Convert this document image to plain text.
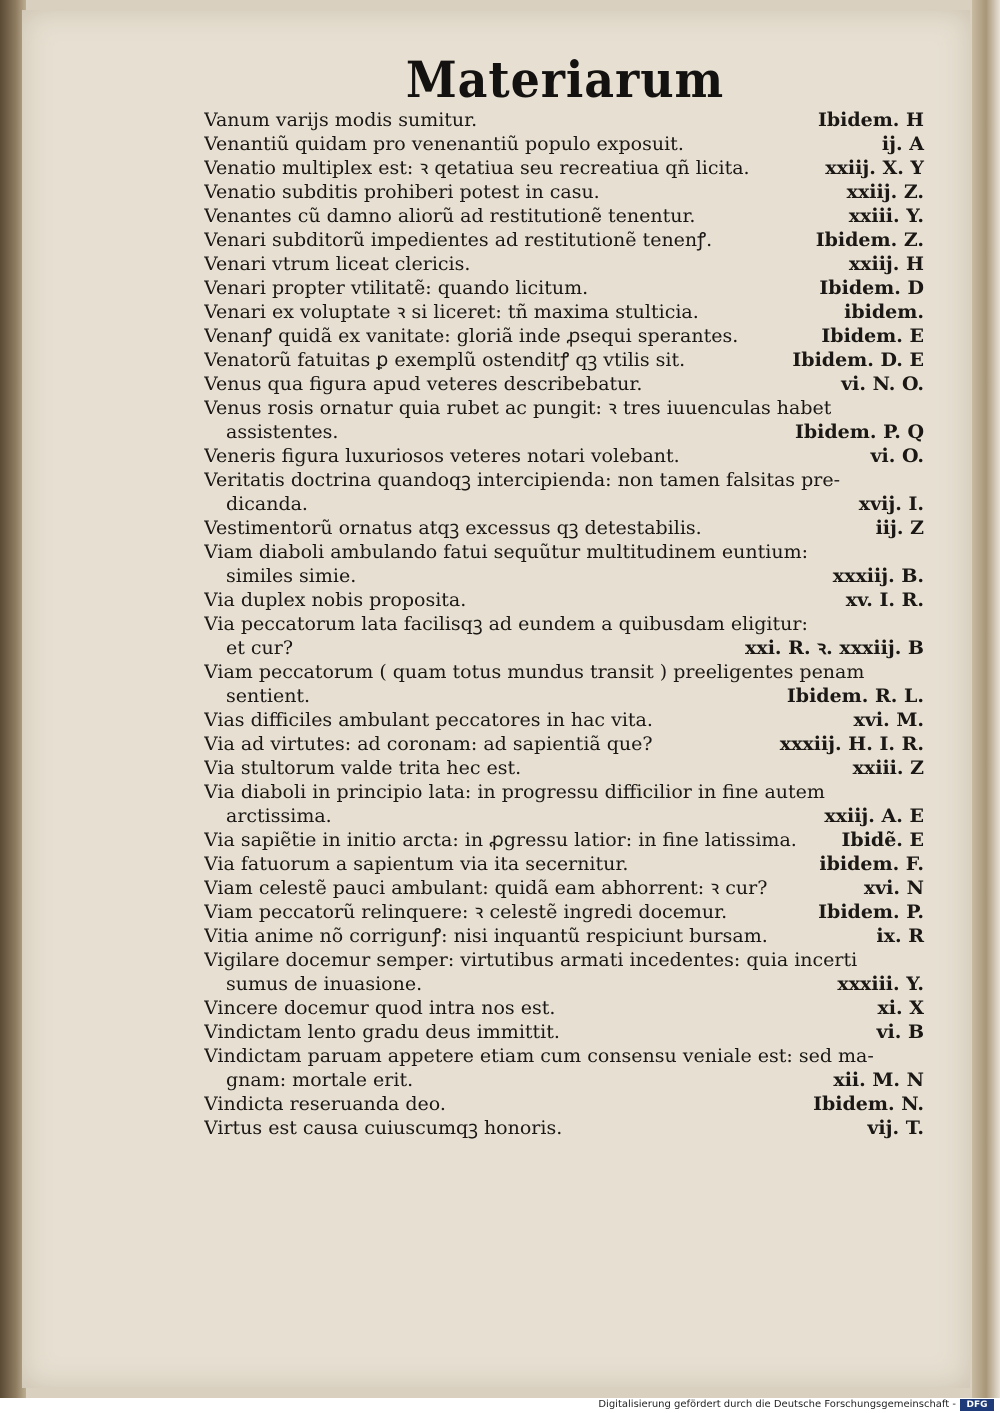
Materiarum
Vanum varijs modis sumitur.	Ibidem. H
Venantiũ quidam pro venenantiũ populo exposuit.	ij. A
Venatio multiplex est: ꝛ qetatiua seu recreatiua qñ licita.	xxiij. X. Y
Venatio subditis prohiberi potest in casu.	xxiij. Z.
Venantes cũ damno aliorũ ad restitutionẽ tenentur.	xxiii. Y.
Venari subditorũ impedientes ad restitutionẽ tenenꝭ.	Ibidem. Z.
Venari vtrum liceat clericis.	xxiij. H
Venari propter vtilitatẽ: quando licitum.	Ibidem. D
Venari ex voluptate ꝛ si liceret: tñ maxima stulticia.	ibidem.
Venanꝭ quidã ex vanitate: gloriã inde ꝓsequi sperantes.	Ibidem. E
Venatorũ fatuitas ꝑ exemplũ ostenditꝭ qꝫ vtilis sit.	Ibidem. D. E
Venus qua figura apud veteres describebatur.	vi. N. O.
Venus rosis ornatur quia rubet ac pungit: ꝛ tres iuuenculas habet
assistentes.	Ibidem. P. Q
Veneris figura luxuriosos veteres notari volebant.	vi. O.
Veritatis doctrina quandoqꝫ intercipienda: non tamen falsitas pre-
dicanda.	xvij. I.
Vestimentorũ ornatus atqꝫ excessus qꝫ detestabilis.	iij. Z
Viam diaboli ambulando fatui sequũtur multitudinem euntium:
similes simie.	xxxiij. B.
Via duplex nobis proposita.	xv. I. R.
Via peccatorum lata facilisqꝫ ad eundem a quibusdam eligitur:
et cur?	xxi. R. ꝛ. xxxiij. B
Viam peccatorum ( quam totus mundus transit ) preeligentes penam
sentient.	Ibidem. R. L.
Vias difficiles ambulant peccatores in hac vita.	xvi. M.
Via ad virtutes: ad coronam: ad sapientiã que?	xxxiij. H. I. R.
Via stultorum valde trita hec est.	xxiii. Z
Via diaboli in principio lata: in progressu difficilior in fine autem
arctissima.	xxiij. A. E
Via sapiẽtie in initio arcta: in ꝓgressu latior: in fine latissima.	Ibidẽ. E
Via fatuorum a sapientum via ita secernitur.	ibidem. F.
Viam celestẽ pauci ambulant: quidã eam abhorrent: ꝛ cur?	xvi. N
Viam peccatorũ relinquere: ꝛ celestẽ ingredi docemur.	Ibidem. P.
Vitia anime nõ corrigunꝭ: nisi inquantũ respiciunt bursam.	ix. R
Vigilare docemur semper: virtutibus armati incedentes: quia incerti
sumus de inuasione.	xxxiii. Y.
Vincere docemur quod intra nos est.	xi. X
Vindictam lento gradu deus immittit.	vi. B
Vindictam paruam appetere etiam cum consensu veniale est: sed ma-
gnam: mortale erit.	xii. M. N
Vindicta reseruanda deo.	Ibidem. N.
Virtus est causa cuiuscumqꝫ honoris.	vij. T.
Digitalisierung gefördert durch die Deutsche Forschungsgemeinschaft -	DFG
